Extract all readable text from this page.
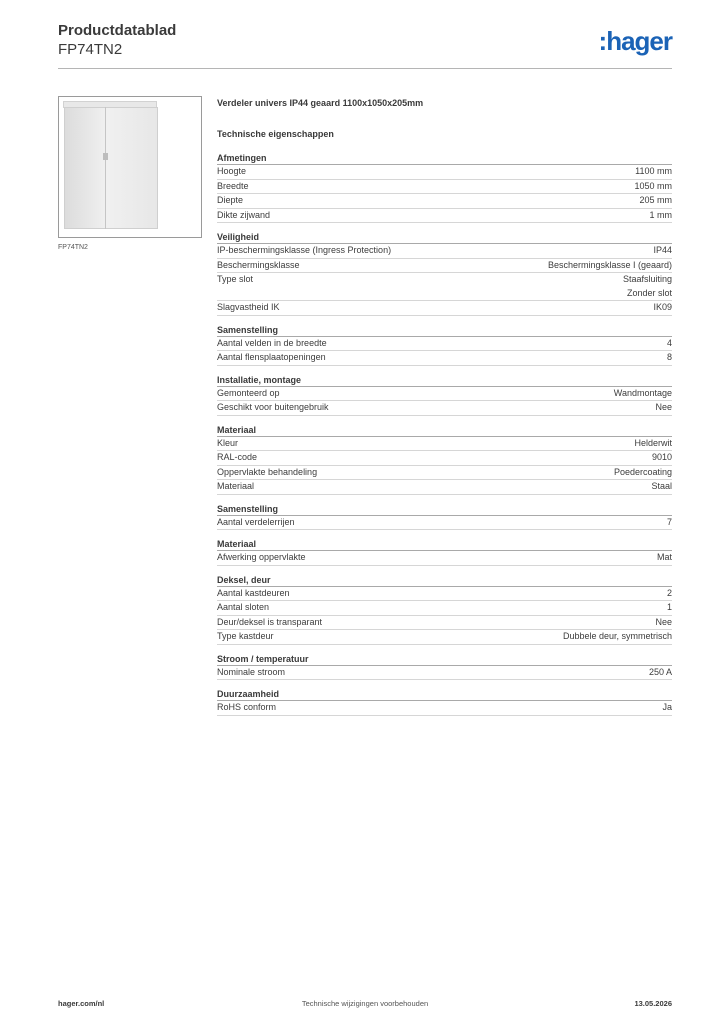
Productdatablad
FP74TN2	:hager
FP74TN2
Verdeler univers IP44 geaard 1100x1050x205mm
Technische eigenschappen
Afmetingen
Hoogte	1100 mm
Breedte	1050 mm
Diepte	205 mm
Dikte zijwand	1 mm
Veiligheid
IP-beschermingsklasse (Ingress Protection)	IP44
Beschermingsklasse	Beschermingsklasse I (geaard)
Type slot	Staafsluiting
Zonder slot
Slagvastheid IK	IK09
Samenstelling
Aantal velden in de breedte	4
Aantal flensplaatopeningen	8
Installatie, montage
Gemonteerd op	Wandmontage
Geschikt voor buitengebruik	Nee
Materiaal
Kleur	Helderwit
RAL-code	9010
Oppervlakte behandeling	Poedercoating
Materiaal	Staal
Samenstelling
Aantal verdelerrijen	7
Materiaal
Afwerking oppervlakte	Mat
Deksel, deur
Aantal kastdeuren	2
Aantal sloten	1
Deur/deksel is transparant	Nee
Type kastdeur	Dubbele deur, symmetrisch
Stroom / temperatuur
Nominale stroom	250 A
Duurzaamheid
RoHS conform	Ja
hager.com/nl	Technische wijzigingen voorbehouden	13.05.2026
